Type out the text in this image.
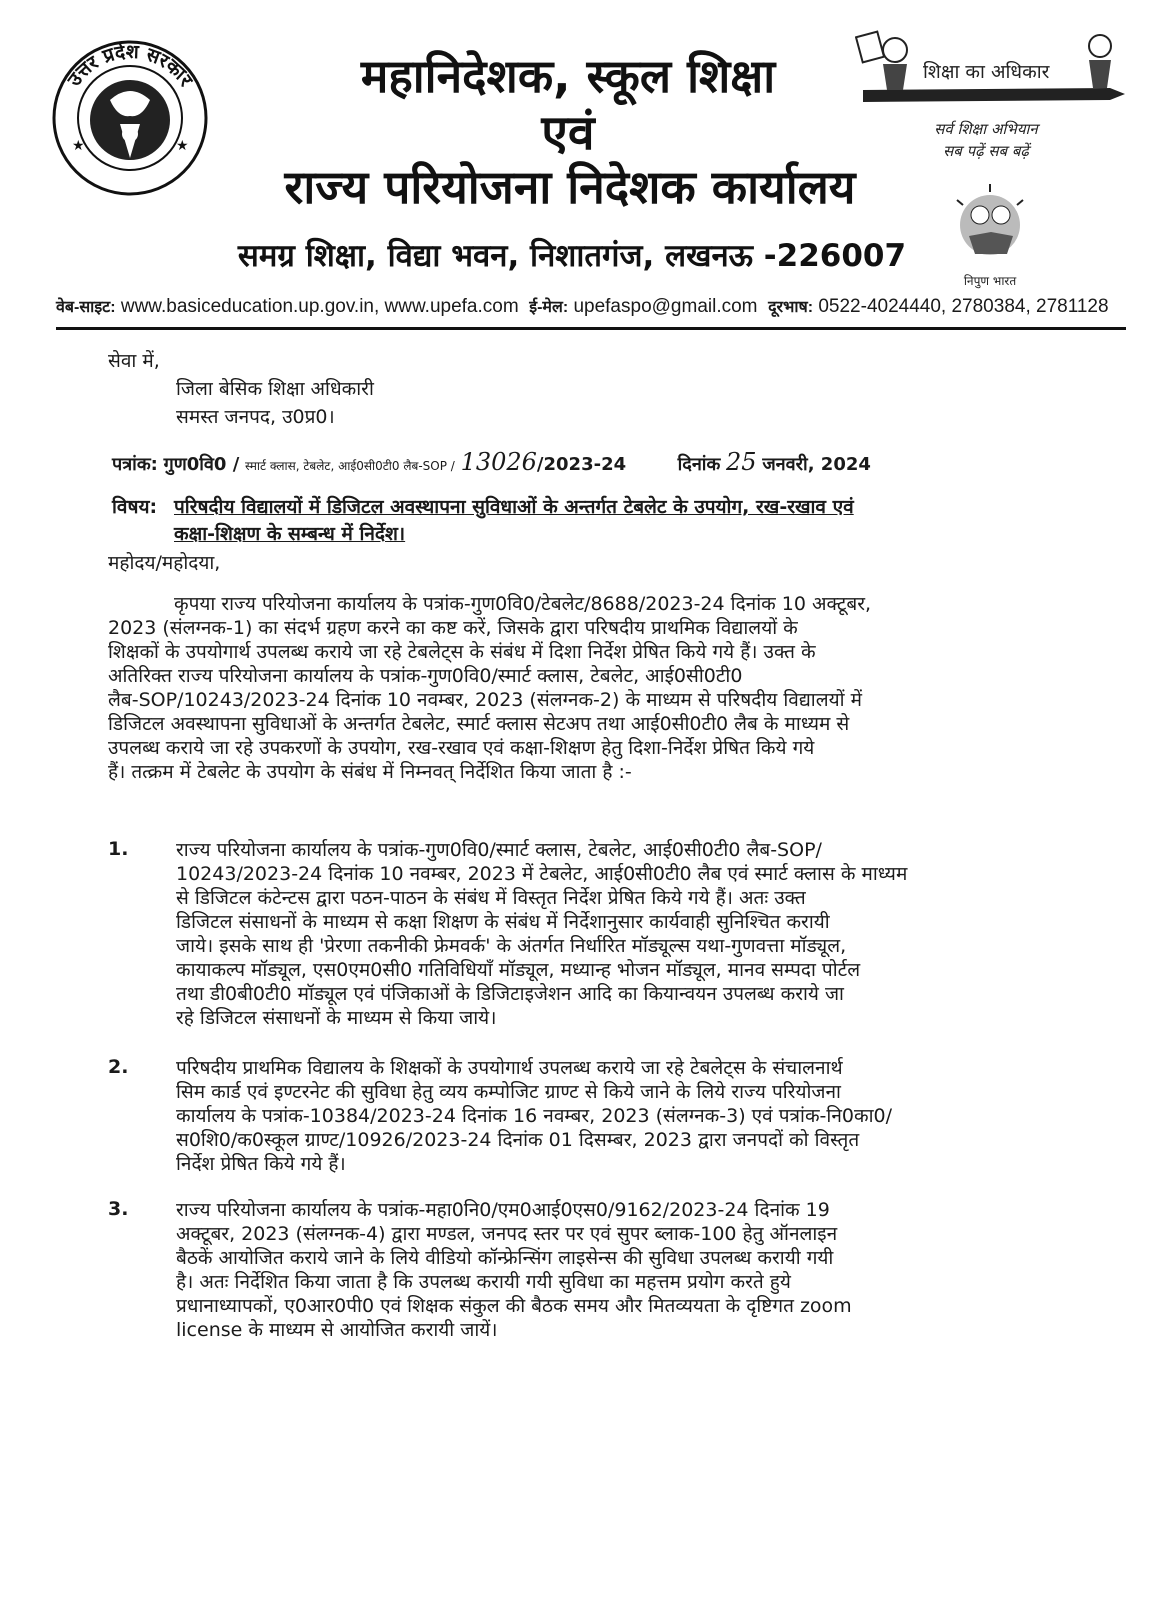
उत्तर प्रदेश सरकार
★	★
महानिदेशक, स्कूल शिक्षा
एवं
राज्य परियोजना निदेशक कार्यालय
समग्र शिक्षा, विद्या भवन, निशातगंज, लखनऊ -226007
शिक्षा का अधिकार
सर्व शिक्षा अभियान
सब पढ़ें सब बढ़ें
निपुण भारत
वेब-साइट: www.basiceducation.up.gov.in, www.upefa.com ई-मेल: upefaspo@gmail.com दूरभाष: 0522-4024440, 2780384, 2781128
सेवा में,
जिला बेसिक शिक्षा अधिकारी
समस्त जनपद, उ0प्र0।
पत्रांक: गुण0वि0 / स्मार्ट क्लास, टेबलेट, आई0सी0टी0 लैब-SOP / 13026/2023-24	दिनांक 25 जनवरी, 2024
विषय: परिषदीय विद्यालयों में डिजिटल अवस्थापना सुविधाओं के अन्तर्गत टेबलेट के उपयोग, रख-रखाव एवं
कक्षा-शिक्षण के सम्बन्ध में निर्देश।
महोदय/महोदया,
कृपया राज्य परियोजना कार्यालय के पत्रांक-गुण0वि0/टेबलेट/8688/2023-24 दिनांक 10 अक्टूबर,
2023 (संलग्नक-1) का संदर्भ ग्रहण करने का कष्ट करें, जिसके द्वारा परिषदीय प्राथमिक विद्यालयों के
शिक्षकों के उपयोगार्थ उपलब्ध कराये जा रहे टेबलेट्स के संबंध में दिशा निर्देश प्रेषित किये गये हैं। उक्त के
अतिरिक्त राज्य परियोजना कार्यालय के पत्रांक-गुण0वि0/स्मार्ट क्लास, टेबलेट, आई0सी0टी0
लैब-SOP/10243/2023-24 दिनांक 10 नवम्बर, 2023 (संलग्नक-2) के माध्यम से परिषदीय विद्यालयों में
डिजिटल अवस्थापना सुविधाओं के अन्तर्गत टेबलेट, स्मार्ट क्लास सेटअप तथा आई0सी0टी0 लैब के माध्यम से
उपलब्ध कराये जा रहे उपकरणों के उपयोग, रख-रखाव एवं कक्षा-शिक्षण हेतु दिशा-निर्देश प्रेषित किये गये
हैं। तत्क्रम में टेबलेट के उपयोग के संबंध में निम्नवत् निर्देशित किया जाता है :-
1.	राज्य परियोजना कार्यालय के पत्रांक-गुण0वि0/स्मार्ट क्लास, टेबलेट, आई0सी0टी0 लैब-SOP/
10243/2023-24 दिनांक 10 नवम्बर, 2023 में टेबलेट, आई0सी0टी0 लैब एवं स्मार्ट क्लास के माध्यम
से डिजिटल कंटेन्टस द्वारा पठन-पाठन के संबंध में विस्तृत निर्देश प्रेषित किये गये हैं। अतः उक्त
डिजिटल संसाधनों के माध्यम से कक्षा शिक्षण के संबंध में निर्देशानुसार कार्यवाही सुनिश्चित करायी
जाये। इसके साथ ही 'प्रेरणा तकनीकी फ्रेमवर्क' के अंतर्गत निर्धारित मॉड्यूल्स यथा-गुणवत्ता मॉड्यूल,
कायाकल्प मॉड्यूल, एस0एम0सी0 गतिविधियॉं मॉड्यूल, मध्यान्ह भोजन मॉड्यूल, मानव सम्पदा पोर्टल
तथा डी0बी0टी0 मॉड्यूल एवं पंजिकाओं के डिजिटाइजेशन आदि का कियान्वयन उपलब्ध कराये जा
रहे डिजिटल संसाधनों के माध्यम से किया जाये।
2.	परिषदीय प्राथमिक विद्यालय के शिक्षकों के उपयोगार्थ उपलब्ध कराये जा रहे टेबलेट्स के संचालनार्थ
सिम कार्ड एवं इण्टरनेट की सुविधा हेतु व्यय कम्पोजिट ग्राण्ट से किये जाने के लिये राज्य परियोजना
कार्यालय के पत्रांक-10384/2023-24 दिनांक 16 नवम्बर, 2023 (संलग्नक-3) एवं पत्रांक-नि0का0/
स0शि0/क0स्कूल ग्राण्ट/10926/2023-24 दिनांक 01 दिसम्बर, 2023 द्वारा जनपदों को विस्तृत
निर्देश प्रेषित किये गये हैं।
3.	राज्य परियोजना कार्यालय के पत्रांक-महा0नि0/एम0आई0एस0/9162/2023-24 दिनांक 19
अक्टूबर, 2023 (संलग्नक-4) द्वारा मण्डल, जनपद स्तर पर एवं सुपर ब्लाक-100 हेतु ऑनलाइन
बैठकें आयोजित कराये जाने के लिये वीडियो कॉन्फ्रेन्सिंग लाइसेन्स की सुविधा उपलब्ध करायी गयी
है। अतः निर्देशित किया जाता है कि उपलब्ध करायी गयी सुविधा का महत्तम प्रयोग करते हुये
प्रधानाध्यापकों, ए0आर0पी0 एवं शिक्षक संकुल की बैठक समय और मितव्ययता के दृष्टिगत zoom
license के माध्यम से आयोजित करायी जायें।
